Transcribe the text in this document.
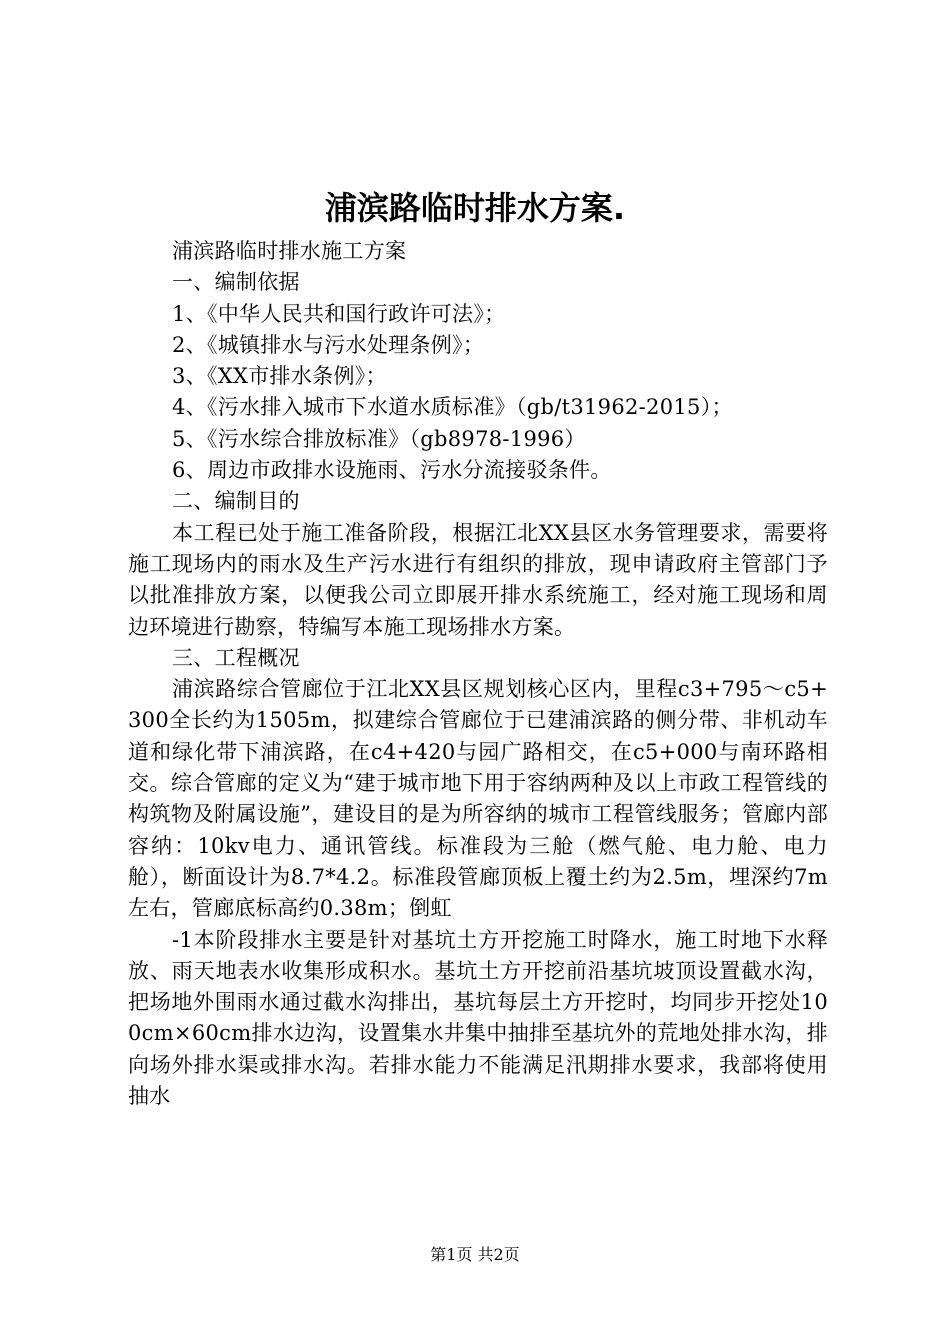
浦滨路临时排水方案.

浦滨路临时排水施工方案

一、编制依据

1、《中华人民共和国行政许可法》；

2、《城镇排水与污水处理条例》；

3、《XX市排水条例》；

4、《污水排入城市下水道水质标准》（gb/t31962-2015）；

5、《污水综合排放标准》（gb8978-1996）

6、周边市政排水设施雨、污水分流接驳条件。

二、编制目的

本工程已处于施工准备阶段，根据江北XX县区水务管理要求，需要将施工现场内的雨水及生产污水进行有组织的排放，现申请政府主管部门予以批准排放方案，以便我公司立即展开排水系统施工，经对施工现场和周边环境进行勘察，特编写本施工现场排水方案。

三、工程概况

浦滨路综合管廊位于江北XX县区规划核心区内，里程c3+795～c5+300全长约为1505m，拟建综合管廊位于已建浦滨路的侧分带、非机动车道和绿化带下浦滨路，在c4+420与园广路相交，在c5+000与南环路相交。综合管廊的定义为“建于城市地下用于容纳两种及以上市政工程管线的构筑物及附属设施”，建设目的是为所容纳的城市工程管线服务；管廊内部容纳：10kv电力、通讯管线。标准段为三舱（燃气舱、电力舱、电力舱），断面设计为8.7*4.2。标准段管廊顶板上覆土约为2.5m，埋深约7m左右，管廊底标高约0.38m；倒虹

-1本阶段排水主要是针对基坑土方开挖施工时降水，施工时地下水释放、雨天地表水收集形成积水。基坑土方开挖前沿基坑坡顶设置截水沟，把场地外围雨水通过截水沟排出，基坑每层土方开挖时，均同步开挖处100cm×60cm排水边沟，设置集水井集中抽排至基坑外的荒地处排水沟，排向场外排水渠或排水沟。若排水能力不能满足汛期排水要求，我部将使用抽水

第1页 共2页
